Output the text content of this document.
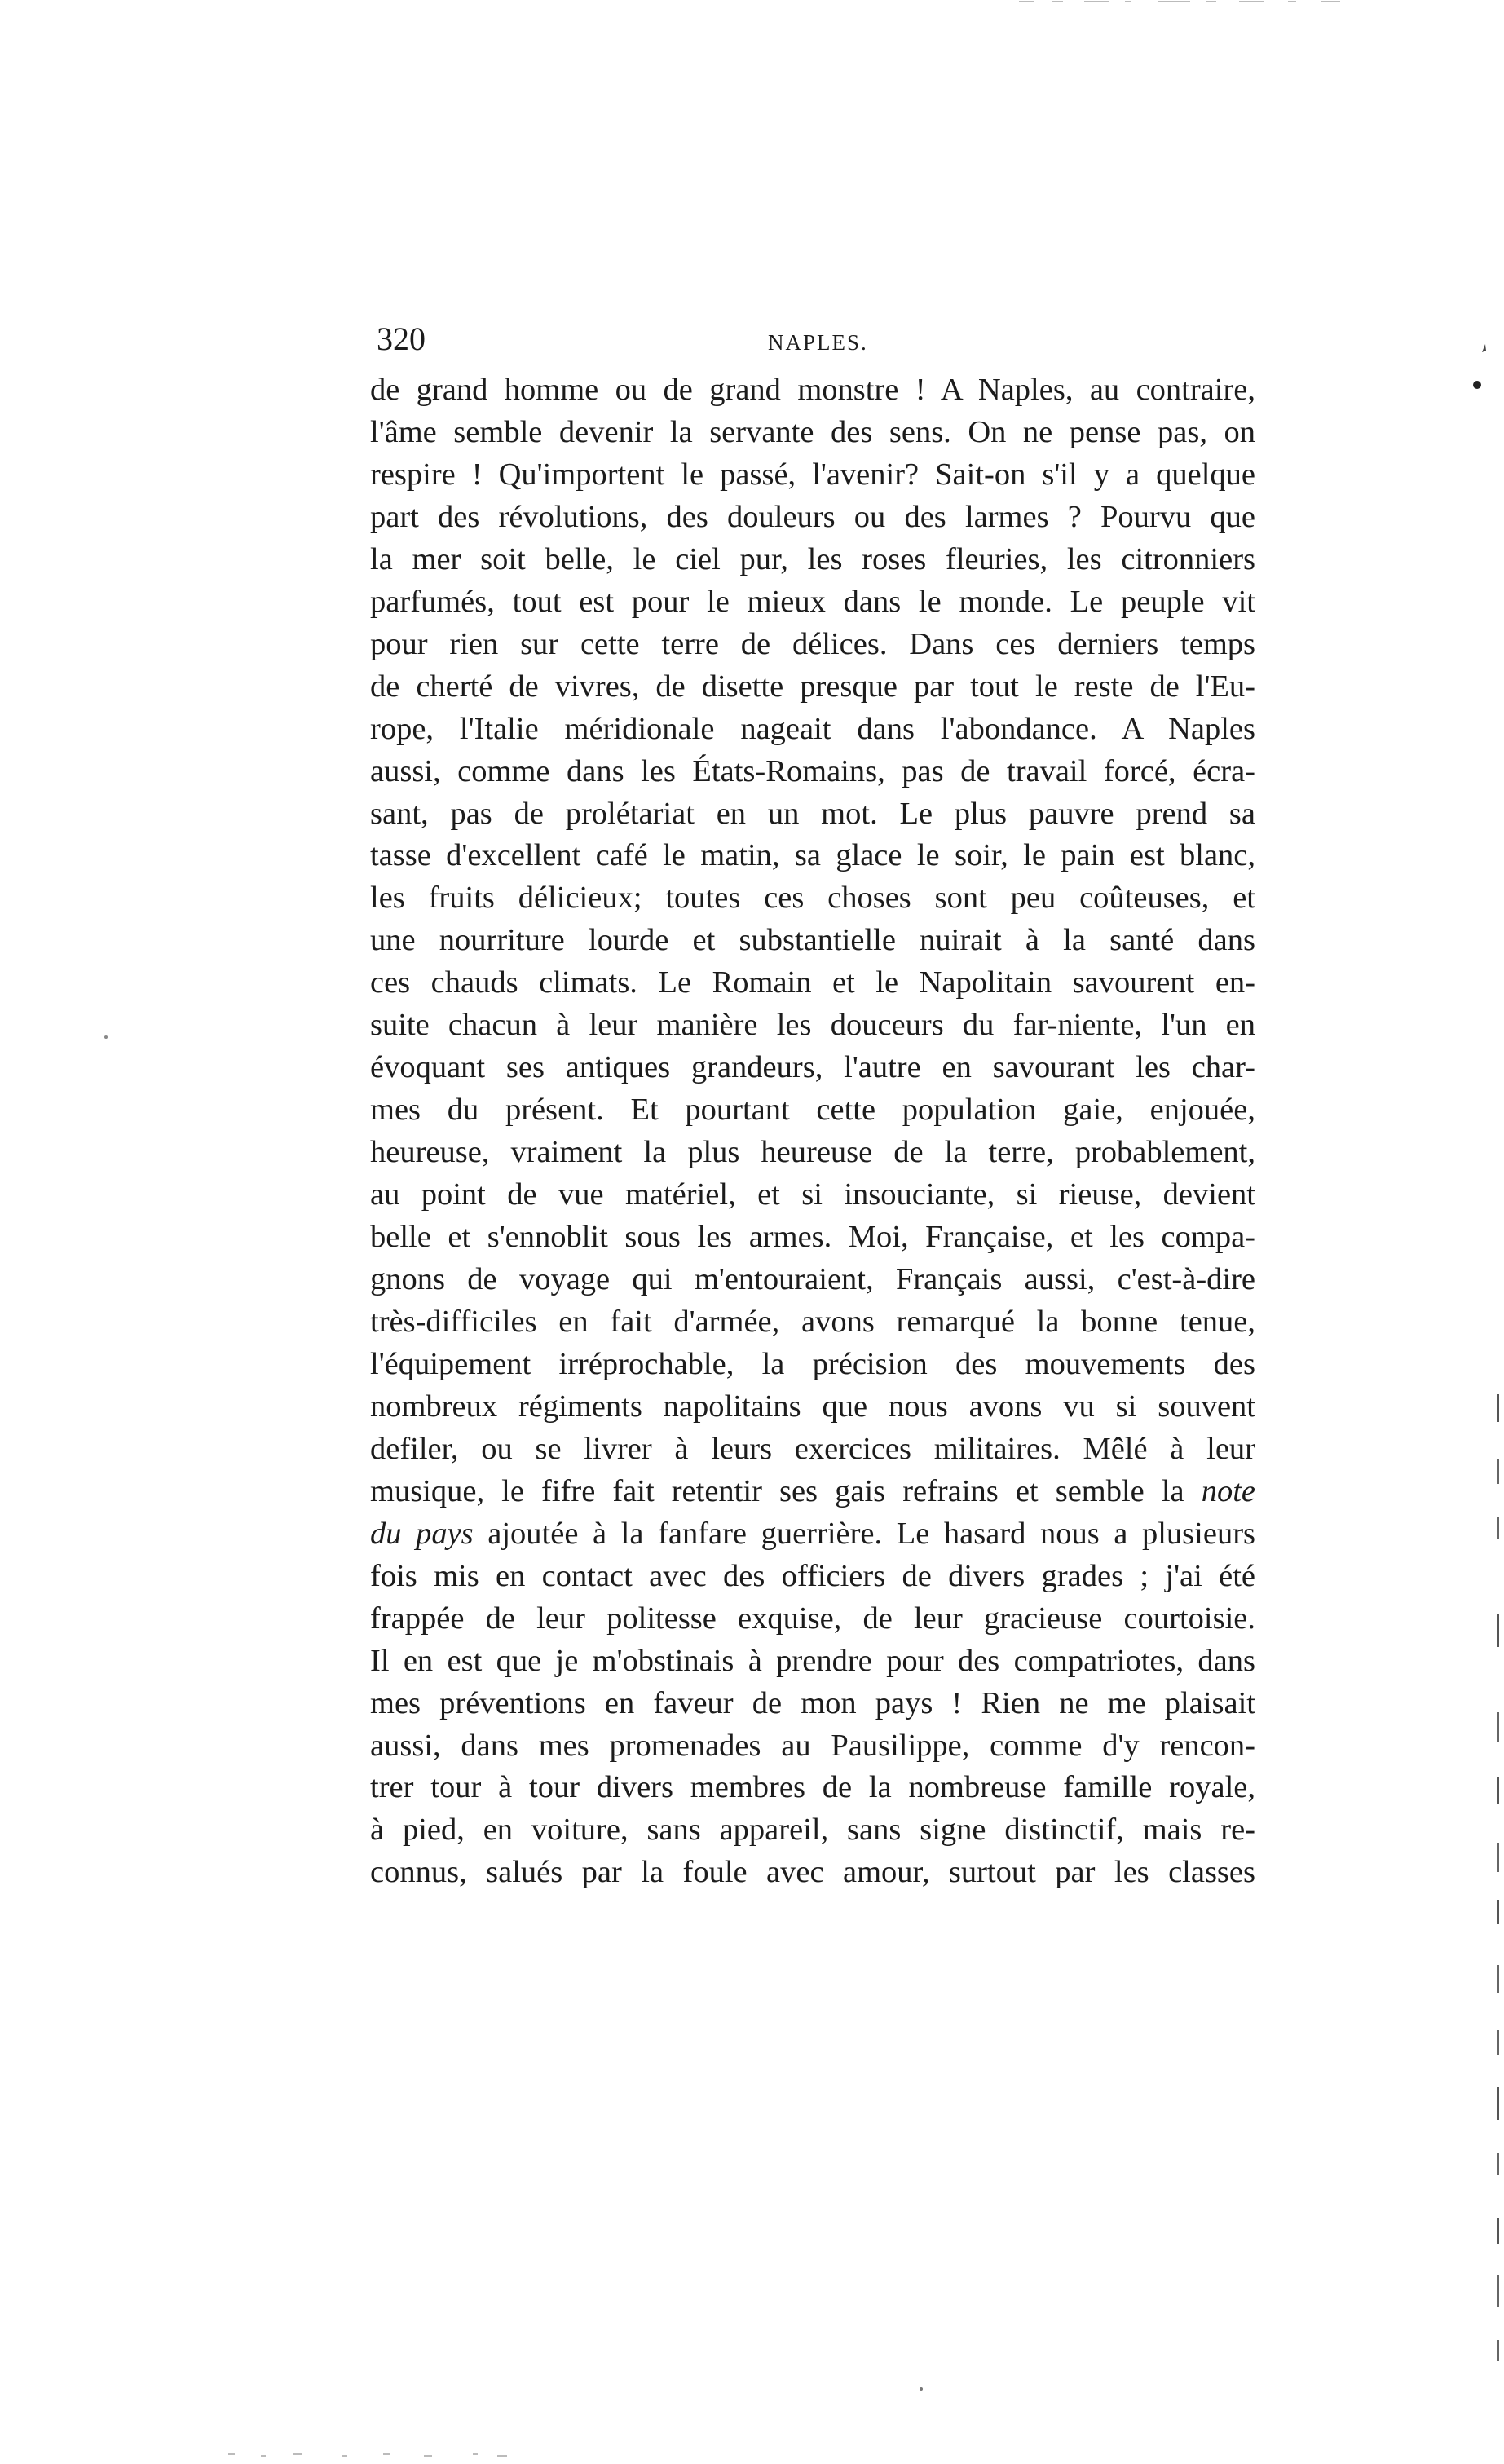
320	NAPLES.

de grand homme ou de grand monstre ! A Naples, au contraire,
l'âme semble devenir la servante des sens. On ne pense pas, on
respire ! Qu'importent le passé, l'avenir? Sait-on s'il y a quelque
part des révolutions, des douleurs ou des larmes ? Pourvu que
la mer soit belle, le ciel pur, les roses fleuries, les citronniers
parfumés, tout est pour le mieux dans le monde. Le peuple vit
pour rien sur cette terre de délices. Dans ces derniers temps
de cherté de vivres, de disette presque par tout le reste de l'Eu-
rope, l'Italie méridionale nageait dans l'abondance. A Naples
aussi, comme dans les États-Romains, pas de travail forcé, écra-
sant, pas de prolétariat en un mot. Le plus pauvre prend sa
tasse d'excellent café le matin, sa glace le soir, le pain est blanc,
les fruits délicieux; toutes ces choses sont peu coûteuses, et
une nourriture lourde et substantielle nuirait à la santé dans
ces chauds climats. Le Romain et le Napolitain savourent en-
suite chacun à leur manière les douceurs du far-niente, l'un en
évoquant ses antiques grandeurs, l'autre en savourant les char-
mes du présent. Et pourtant cette population gaie, enjouée,
heureuse, vraiment la plus heureuse de la terre, probablement,
au point de vue matériel, et si insouciante, si rieuse, devient
belle et s'ennoblit sous les armes. Moi, Française, et les compa-
gnons de voyage qui m'entouraient, Français aussi, c'est-à-dire
très-difficiles en fait d'armée, avons remarqué la bonne tenue,
l'équipement irréprochable, la précision des mouvements des
nombreux régiments napolitains que nous avons vu si souvent
defiler, ou se livrer à leurs exercices militaires. Mêlé à leur
musique, le fifre fait retentir ses gais refrains et semble la note
du pays ajoutée à la fanfare guerrière. Le hasard nous a plusieurs
fois mis en contact avec des officiers de divers grades ; j'ai été
frappée de leur politesse exquise, de leur gracieuse courtoisie.
Il en est que je m'obstinais à prendre pour des compatriotes, dans
mes préventions en faveur de mon pays ! Rien ne me plaisait
aussi, dans mes promenades au Pausilippe, comme d'y rencon-
trer tour à tour divers membres de la nombreuse famille royale,
à pied, en voiture, sans appareil, sans signe distinctif, mais re-
connus, salués par la foule avec amour, surtout par les classes
